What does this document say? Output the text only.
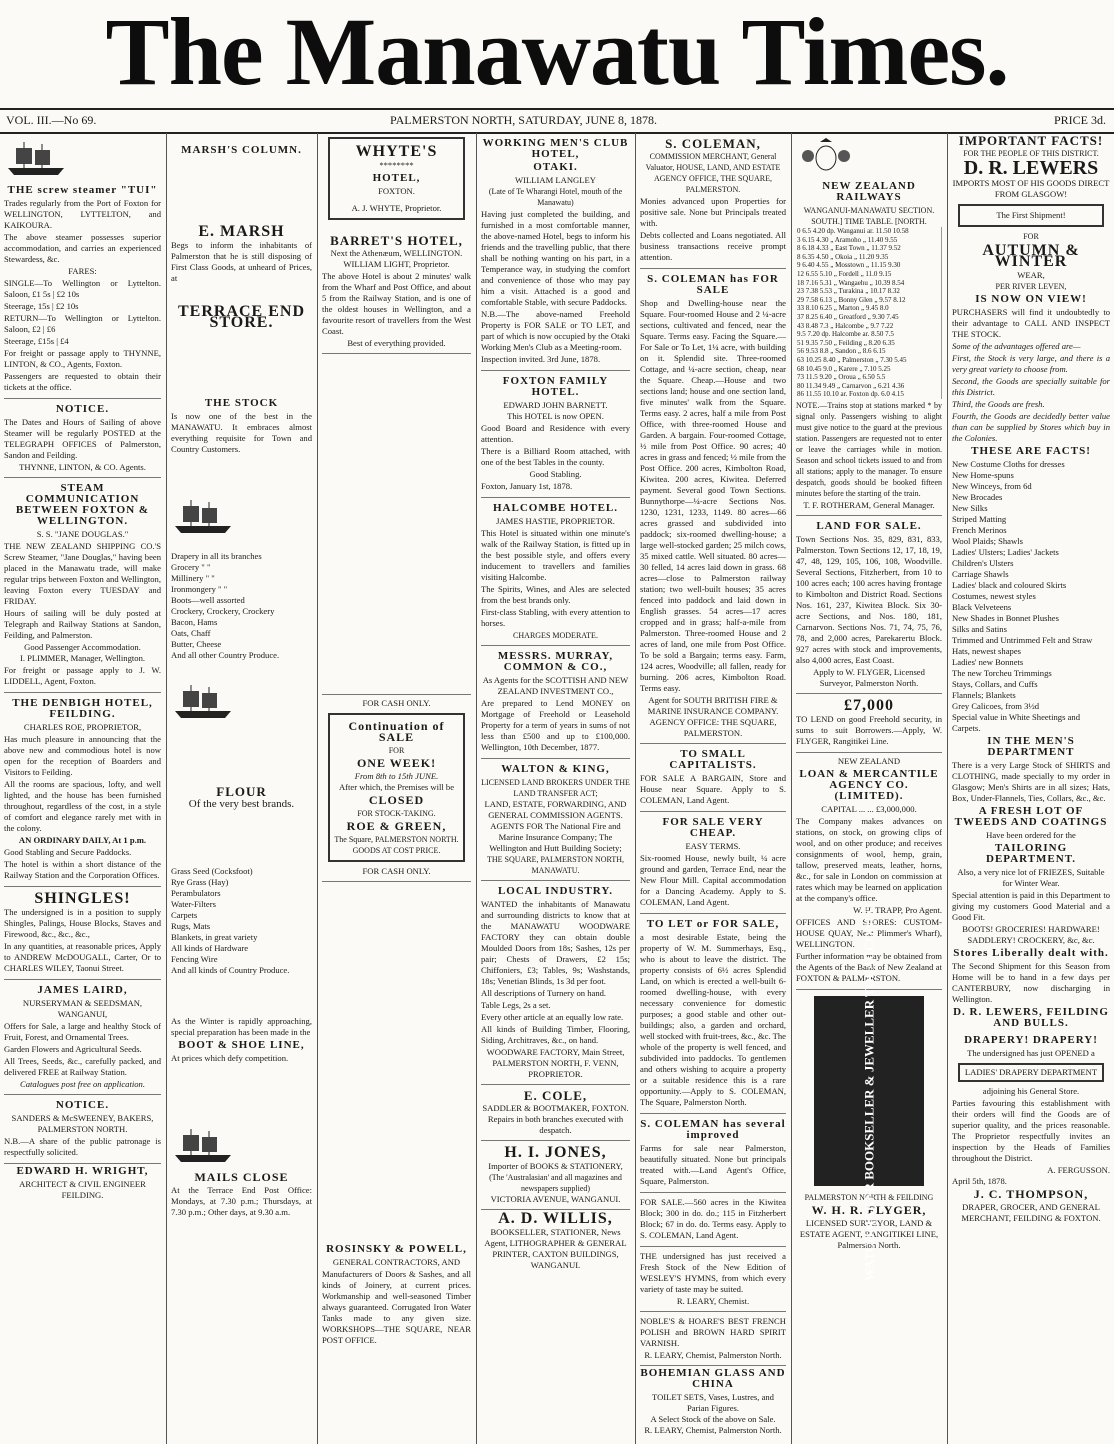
The Manawatu Times.
VOL. III.—No 69.	PALMERSTON NORTH, SATURDAY, JUNE 8, 1878.	PRICE 3d.
THE screw steamer "TUI"

Trades regularly from the Port of Foxton for WELLINGTON, LYTTELTON, and KAIKOURA.

The above steamer possesses superior accommodation, and carries an experienced Stewardess, &c.

FARES:

SINGLE—To Wellington or Lyttelton. Saloon, £1 5s | £2 10s

Steerage, 15s | £2 10s

RETURN—To Wellington or Lyttelton. Saloon, £2 | £6

Steerage, £15s | £4

For freight or passage apply to THYNNE, LINTON, & CO., Agents, Foxton.

Passengers are requested to obtain their tickets at the office.

NOTICE.

The Dates and Hours of Sailing of above Steamer will be regularly POSTED at the TELEGRAPH OFFICES of Palmerston, Sandon and Feilding.

THYNNE, LINTON, & CO. Agents.
STEAM COMMUNICATION BETWEEN FOXTON & WELLINGTON.
S. S. "JANE DOUGLAS."

THE NEW ZEALAND SHIPPING CO.'S Screw Steamer, "Jane Douglas," having been placed in the Manawatu trade, will make regular trips between Foxton and Wellington, leaving Foxton every TUESDAY and FRIDAY.

Hours of sailing will be duly posted at Telegraph and Railway Stations at Sandon, Feilding, and Palmerston.

Good Passenger Accommodation.
I. PLIMMER, Manager, Wellington.

For freight or passage apply to J. W. LIDDELL, Agent, Foxton.

THE DENBIGH HOTEL, FEILDING.
CHARLES ROE, PROPRIETOR,

Has much pleasure in announcing that the above new and commodious hotel is now open for the reception of Boarders and Visitors to Feilding.

All the rooms are spacious, lofty, and well lighted, and the house has been furnished throughout, regardless of the cost, in a style of comfort and elegance rarely met with in the colony.

AN ORDINARY DAILY, At 1 p.m.

Good Stabling and Secure Paddocks.

The hotel is within a short distance of the Railway Station and the Corporation Offices.

SHINGLES!

The undersigned is in a position to supply Shingles, Palings, House Blocks, Staves and Firewood, &c., &c., &c.,

In any quantities, at reasonable prices, Apply to ANDREW McDOUGALL, Carter, Or to CHARLES WILEY, Taonui Street.

JAMES LAIRD,
NURSERYMAN & SEEDSMAN, WANGANUI,

Offers for Sale, a large and healthy Stock of Fruit, Forest, and Ornamental Trees.

Garden Flowers and Agricultural Seeds.

All Trees, Seeds, &c., carefully packed, and delivered FREE at Railway Station.

Catalogues post free on application.
NOTICE.
SANDERS & McSWEENEY, BAKERS, PALMERSTON NORTH.

N.B.—A share of the public patronage is respectfully solicited.

EDWARD H. WRIGHT,
ARCHITECT & CIVIL ENGINEER FEILDING.
MARSH'S COLUMN.
E. MARSH

Begs to inform the inhabitants of Palmerston that he is still disposing of First Class Goods, at unheard of Prices, at

TERRACE END STORE.
THE STOCK

Is now one of the best in the MANAWATU. It embraces almost everything requisite for Town and Country Customers.

Drapery in all its branches

Grocery " "

Millinery " "

Ironmongery " "

Boots—well assorted

Crockery, Crockery, Crockery

Bacon, Hams

Oats, Chaff

Butter, Cheese

And all other Country Produce.

FLOUR
Of the very best brands.

Grass Seed (Cocksfoot)

Rye Grass (Hay)

Perambulators

Water-Filters

Carpets

Rugs, Mats

Blankets, in great variety

All kinds of Hardware

Fencing Wire

And all kinds of Country Produce.

As the Winter is rapidly approaching, special preparation has been made in the

BOOT & SHOE LINE,

At prices which defy competition.

MAILS CLOSE

At the Terrace End Post Office: Mondays, at 7.30 p.m.; Thursdays, at 7.30 p.m.; Other days, at 9.30 a.m.

WHYTE'S
********
HOTEL,
FOXTON.
A. J. WHYTE, Proprietor.
BARRET'S HOTEL,
Next the Athenæum, WELLINGTON.
WILLIAM LIGHT, Proprietor.

The above Hotel is about 2 minutes' walk from the Wharf and Post Office, and about 5 from the Railway Station, and is one of the oldest houses in Wellington, and a favourite resort of travellers from the West Coast.

Best of everything provided.
FOR CASH ONLY.
Continuation of SALE
FOR
ONE WEEK!
From 8th to 15th JUNE.
After which, the Premises will be
CLOSED
FOR STOCK-TAKING.
ROE & GREEN,
The Square, PALMERSTON NORTH.
GOODS AT COST PRICE.
FOR CASH ONLY.
ROSINSKY & POWELL,
GENERAL CONTRACTORS, AND

Manufacturers of Doors & Sashes, and all kinds of Joinery, at current prices. Workmanship and well-seasoned Timber always guaranteed. Corrugated Iron Water Tanks made to any given size. WORKSHOPS—THE SQUARE, NEAR POST OFFICE.

WORKING MEN'S CLUB HOTEL,
OTAKI.
WILLIAM LANGLEY
(Late of Te Wharangi Hotel, mouth of the Manawatu)

Having just completed the building, and furnished in a most comfortable manner, the above-named Hotel, begs to inform his friends and the travelling public, that there shall be nothing wanting on his part, in a Temperance way, in studying the comfort and convenience of those who may pay him a visit. Attached is a good and comfortable Stable, with secure Paddocks.

N.B.—The above-named Freehold Property is FOR SALE or TO LET, and part of which is now occupied by the Otaki Working Men's Club as a Meeting-room.

Inspection invited. 3rd June, 1878.

FOXTON FAMILY HOTEL.
EDWARD JOHN BARNETT.
This HOTEL is now OPEN.

Good Board and Residence with every attention.

There is a Billiard Room attached, with one of the best Tables in the county.

Good Stabling.

Foxton, January 1st, 1878.

HALCOMBE HOTEL.
JAMES HASTIE, PROPRIETOR.

This Hotel is situated within one minute's walk of the Railway Station, is fitted up in the best possible style, and offers every inducement to travellers and families visiting Halcombe.

The Spirits, Wines, and Ales are selected from the best brands only.

First-class Stabling, with every attention to horses.

CHARGES MODERATE.
MESSRS. MURRAY, COMMON & CO.,
As Agents for the SCOTTISH AND NEW ZEALAND INVESTMENT CO.,

Are prepared to Lend MONEY on Mortgage of Freehold or Leasehold Property for a term of years in sums of not less than £500 and up to £100,000. Wellington, 10th December, 1877.

WALTON & KING,
LICENSED LAND BROKERS UNDER THE LAND TRANSFER ACT;
LAND, ESTATE, FORWARDING, AND GENERAL COMMISSION AGENTS.
AGENTS FOR The National Fire and Marine Insurance Company; The Wellington and Hutt Building Society;
THE SQUARE, PALMERSTON NORTH, MANAWATU.
LOCAL INDUSTRY.

WANTED the inhabitants of Manawatu and surrounding districts to know that at the MANAWATU WOODWARE FACTORY they can obtain double Moulded Doors from 18s; Sashes, 12s per pair; Chests of Drawers, £2 15s; Chiffoniers, £3; Tables, 9s; Washstands, 18s; Venetian Blinds, 1s 3d per foot.

All descriptions of Turnery on hand.

Table Legs, 2s a set.

Every other article at an equally low rate.

All kinds of Building Timber, Flooring, Siding, Architraves, &c., on hand.

WOODWARE FACTORY, Main Street, PALMERSTON NORTH, F. VENN, PROPRIETOR.
E. COLE,
SADDLER & BOOTMAKER, FOXTON.
Repairs in both branches executed with despatch.
H. I. JONES,
Importer of BOOKS & STATIONERY,
(The 'Australasian' and all magazines and newspapers supplied)
VICTORIA AVENUE, WANGANUI.
A. D. WILLIS,
BOOKSELLER, STATIONER, News Agent, LITHOGRAPHER & GENERAL PRINTER, CAXTON BUILDINGS, WANGANUI.
S. COLEMAN,
COMMISSION MERCHANT, General Valuator, HOUSE, LAND, AND ESTATE AGENCY OFFICE, THE SQUARE, PALMERSTON.

Monies advanced upon Properties for positive sale. None but Principals treated with.

Debts collected and Loans negotiated. All business transactions receive prompt attention.

S. COLEMAN has FOR SALE

Shop and Dwelling-house near the Square. Four-roomed House and 2 ¼-acre sections, cultivated and fenced, near the Square. Terms easy. Facing the Square.—For Sale or To Let, 1¼ acre, with building on it. Splendid site. Three-roomed Cottage, and ¼-acre section, cheap, near the Square. Cheap.—House and two sections land; house and one section land, five minutes' walk from the Square. Terms easy. 2 acres, half a mile from Post Office, with three-roomed House and Garden. A bargain. Four-roomed Cottage, ½ mile from Post Office. 90 acres; 40 acres in grass and fenced; ½ mile from the Post Office. 200 acres, Kimbolton Road, Kiwitea. 200 acres, Kiwitea. Deferred payment. Several good Town Sections. Bunnythorpe—¼-acre Sections Nos. 1230, 1231, 1233, 1149. 80 acres—66 acres grassed and subdivided into paddock; six-roomed dwelling-house; a large well-stocked garden; 25 milch cows, 35 mixed cattle. Well situated. 80 acres—30 felled, 14 acres laid down in grass. 68 acres—close to Palmerston railway station; two well-built houses; 35 acres fenced into paddock and laid down in English grasses. 54 acres—17 acres cropped and in grass; half-a-mile from Palmerston. Three-roomed House and 2 acres of land, one mile from Post Office. To be sold a Bargain; terms easy. Farm, 124 acres, Woodville; all fallen, ready for burning. 206 acres, Kimbolton Road. Terms easy.

Agent for SOUTH BRITISH FIRE & MARINE INSURANCE COMPANY.
AGENCY OFFICE: THE SQUARE, PALMERSTON.
TO SMALL CAPITALISTS.

FOR SALE A BARGAIN, Store and House near Square. Apply to S. COLEMAN, Land Agent.

FOR SALE VERY CHEAP.
EASY TERMS.

Six-roomed House, newly built, ¼ acre ground and garden, Terrace End, near the New Flour Mill. Capital accommodation for a Dancing Academy. Apply to S. COLEMAN, Land Agent.

TO LET or FOR SALE,

a most desirable Estate, being the property of W. M. Summerhays, Esq., who is about to leave the district. The property consists of 6½ acres Splendid Land, on which is erected a well-built 6-roomed dwelling-house, with every necessary convenience for domestic purposes; a good stable and other out-buildings; also, a garden and orchard, well stocked with fruit-trees, &c., &c. The whole of the property is well fenced, and subdivided into paddocks. To gentlemen and others wishing to acquire a property or a suitable residence this is a rare opportunity.—Apply to S. COLEMAN, The Square, Palmerston North.

S. COLEMAN has several improved

Farms for sale near Palmerston, beautifully situated. None but principals treated with.—Land Agent's Office, Square, Palmerston.

FOR SALE.—560 acres in the Kiwitea Block; 300 in do. do.; 115 in Fitzherbert Block; 67 in do. do. Terms easy. Apply to S. COLEMAN, Land Agent.

THE undersigned has just received a Fresh Stock of the New Edition of WESLEY'S HYMNS, from which every variety of taste may be suited.

R. LEARY, Chemist.

NOBLE'S & HOARE'S BEST FRENCH POLISH and BROWN HARD SPIRIT VARNISH.

R. LEARY, Chemist, Palmerston North.
BOHEMIAN GLASS AND CHINA
TOILET SETS, Vases, Lustres, and Parian Figures.
A Select Stock of the above on Sale.
R. LEARY, Chemist, Palmerston North.
NEW ZEALAND RAILWAYS
WANGANUI-MANAWATU SECTION.
SOUTH.] TIME TABLE. [NORTH.
0 6.5 4.20 dp. Wanganui ar. 11.50 10.58
3 6.15 4.30 „ Aramoho „ 11.40 9.55
8 6.18 4.33 „ East Town „ 11.37 9.52
8 6.35 4.50 „ Okoia „ 11.20 9.35
9 6.40 4.55 „ Mosstown „ 11.15 9.30
12 6.55 5.10 „ Fordell „ 11.0 9.15
18 7.16 5.31 „ Wangaehu „ 10.39 8.54
23 7.38 5.53 „ Turakina „ 10.17 8.32
29 7.58 6.13 „ Bonny Glen „ 9.57 8.12
33 8.10 6.25 „ Marton „ 9.45 8.0
37 8.25 6.40 „ Greatford „ 9.30 7.45
43 8.48 7.3 „ Halcombe „ 9.7 7.22
9.5 7.20 dp. Halcombe ar. 8.50 7.5
51 9.35 7.50 „ Feilding „ 8.20 6.35
56 9.53 8.8 „ Sandon „ 8.6 6.15
63 10.25 8.40 „ Palmerston „ 7.30 5.45
68 10.45 9.0 „ Karere „ 7.10 5.25
73 11.5 9.20 „ Oroua „ 6.50 5.5
80 11.34 9.49 „ Carnarvon „ 6.21 4.36
86 11.55 10.10 ar. Foxton dp. 6.0 4.15

NOTE.—Trains stop at stations marked * by signal only. Passengers wishing to alight must give notice to the guard at the previous station. Passengers are requested not to enter or leave the carriages while in motion. Season and school tickets issued to and from all stations; apply to the manager. To ensure despatch, goods should be booked fifteen minutes before the starting of the train.

T. F. ROTHERAM, General Manager.
LAND FOR SALE.

Town Sections Nos. 35, 829, 831, 833, Palmerston. Town Sections 12, 17, 18, 19, 47, 48, 129, 105, 106, 108, Woodville. Several Sections, Fitzherbert, from 10 to 100 acres each; 100 acres having frontage to Kimbolton and District Road. Sections Nos. 161, 237, Kiwitea Block. Six 30-acre Sections, and Nos. 180, 181, Carnarvon. Sections Nos. 71, 74, 75, 76, 78, and 2,000 acres, Parekarertu Block. 927 acres with stock and improvements, also 4,000 acres, East Coast.

Apply to W. FLYGER, Licensed Surveyor, Palmerston North.
£7,000

TO LEND on good Freehold security, in sums to suit Borrowers.—Apply, W. FLYGER, Rangitikei Line.

NEW ZEALAND
LOAN & MERCANTILE AGENCY CO. (LIMITED).
CAPITAL ... ... £3,000,000.

The Company makes advances on stations, on stock, on growing clips of wool, and on other produce; and receives consignments of wool, hemp, grain, tallow, preserved meats, leather, horns, &c., for sale in London on commission at rates which may be learned on application at the company's office.

W. H. TRAPP, Pro Agent.

OFFICES AND STORES: CUSTOM-HOUSE QUAY, Next Plimmer's Wharf), WELLINGTON.

Further information may be obtained from the Agents of the Bank of New Zealand at FOXTON & PALMERSTON.

WATCHMAKER BOOKSELLER & JEWELLER TOBACCONIST
PALMERSTON NORTH & FEILDING
W. H. R. FLYGER,
LICENSED SURVEYOR, LAND & ESTATE AGENT, RANGITIKEI LINE, Palmerston North.
IMPORTANT FACTS!
FOR THE PEOPLE OF THIS DISTRICT.
D. R. LEWERS
IMPORTS MOST OF HIS GOODS DIRECT FROM GLASGOW!
The First Shipment!
FOR
AUTUMN & WINTER
WEAR,
PER RIVER LEVEN,
IS NOW ON VIEW!

PURCHASERS will find it undoubtedly to their advantage to CALL AND INSPECT THE STOCK.

Some of the advantages offered are—

First, the Stock is very large, and there is a very great variety to choose from.

Second, the Goods are specially suitable for this District.

Third, the Goods are fresh.

Fourth, the Goods are decidedly better value than can be supplied by Stores which buy in the Colonies.

THESE ARE FACTS!

New Costume Cloths for dresses

New Home-spuns

New Winceys, from 6d

New Brocades

New Silks

Striped Matting

French Merinos

Wool Plaids; Shawls

Ladies' Ulsters; Ladies' Jackets

Children's Ulsters

Carriage Shawls

Ladies' black and coloured Skirts

Costumes, newest styles

Black Velveteens

New Shades in Bonnet Plushes

Silks and Satins

Trimmed and Untrimmed Felt and Straw Hats, newest shapes

Ladies' new Bonnets

The new Torcheu Trimmings

Stays, Collars, and Cuffs

Flannels; Blankets

Grey Calicoes, from 3½d

Special value in White Sheetings and Carpets.

IN THE MEN'S DEPARTMENT

There is a very Large Stock of SHIRTS and CLOTHING, made specially to my order in Glasgow; Men's Shirts are in all sizes; Hats, Box, Under-Flannels, Ties, Collars, &c., &c.

A FRESH LOT OF TWEEDS AND COATINGS
Have been ordered for the
TAILORING DEPARTMENT.
Also, a very nice lot of FRIEZES, Suitable for Winter Wear.

Special attention is paid in this Department to giving my customers Good Material and a Good Fit.

BOOTS! GROCERIES! HARDWARE! SADDLERY! CROCKERY, &c, &c.
Stores Liberally dealt with.

The Second Shipment for this Season from Home will be to hand in a few days per CANTERBURY, now discharging in Wellington.

D. R. LEWERS, FEILDING AND BULLS.
DRAPERY! DRAPERY!
The undersigned has just OPENED a
LADIES' DRAPERY DEPARTMENT
adjoining his General Store.

Parties favouring this establishment with their orders will find the Goods are of superior quality, and the prices reasonable. The Proprietor respectfully invites an inspection by the Heads of Families throughout the District.

A. FERGUSSON.
April 5th, 1878.
J. C. THOMPSON,
DRAPER, GROCER, AND GENERAL MERCHANT, FEILDING & FOXTON.
